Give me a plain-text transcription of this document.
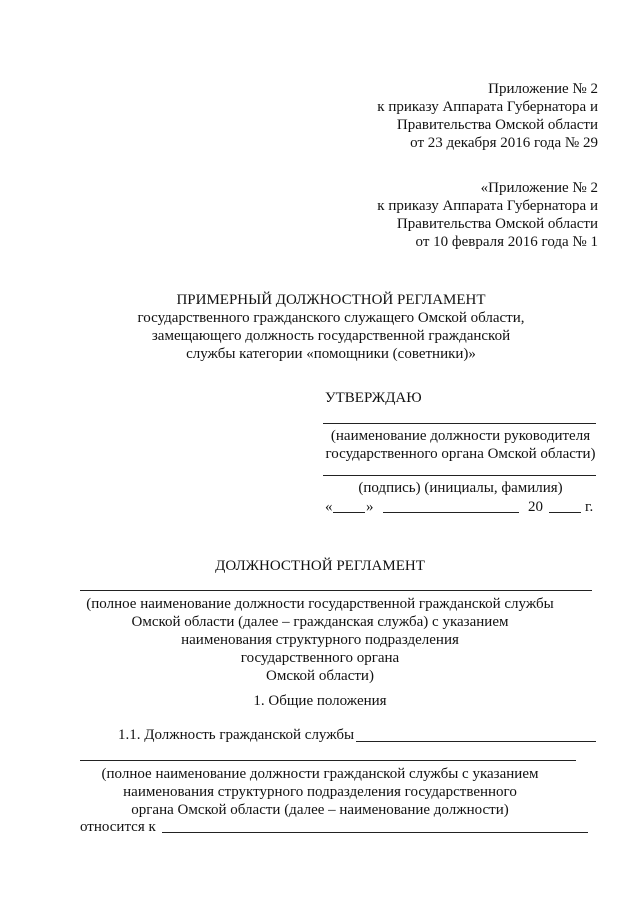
Приложение № 2
к приказу Аппарата Губернатора и
Правительства Омской области
от 23 декабря 2016 года № 29
«Приложение № 2
к приказу Аппарата Губернатора и
Правительства Омской области
от 10 февраля 2016 года № 1
ПРИМЕРНЫЙ ДОЛЖНОСТНОЙ РЕГЛАМЕНТ
государственного гражданского служащего Омской области,
замещающего должность государственной гражданской
службы категории «помощники (советники)»
УТВЕРЖДАЮ
(наименование должности руководителя
государственного органа Омской области)
(подпись) (инициалы, фамилия)
« »	20	г.
ДОЛЖНОСТНОЙ РЕГЛАМЕНТ
(полное наименование должности государственной гражданской службы
Омской области (далее – гражданская служба) с указанием
наименования структурного подразделения
государственного органа
Омской области)
1. Общие положения
1.1. Должность гражданской службы
(полное наименование должности гражданской службы с указанием
наименования структурного подразделения государственного
органа Омской области (далее – наименование должности)
относится к
